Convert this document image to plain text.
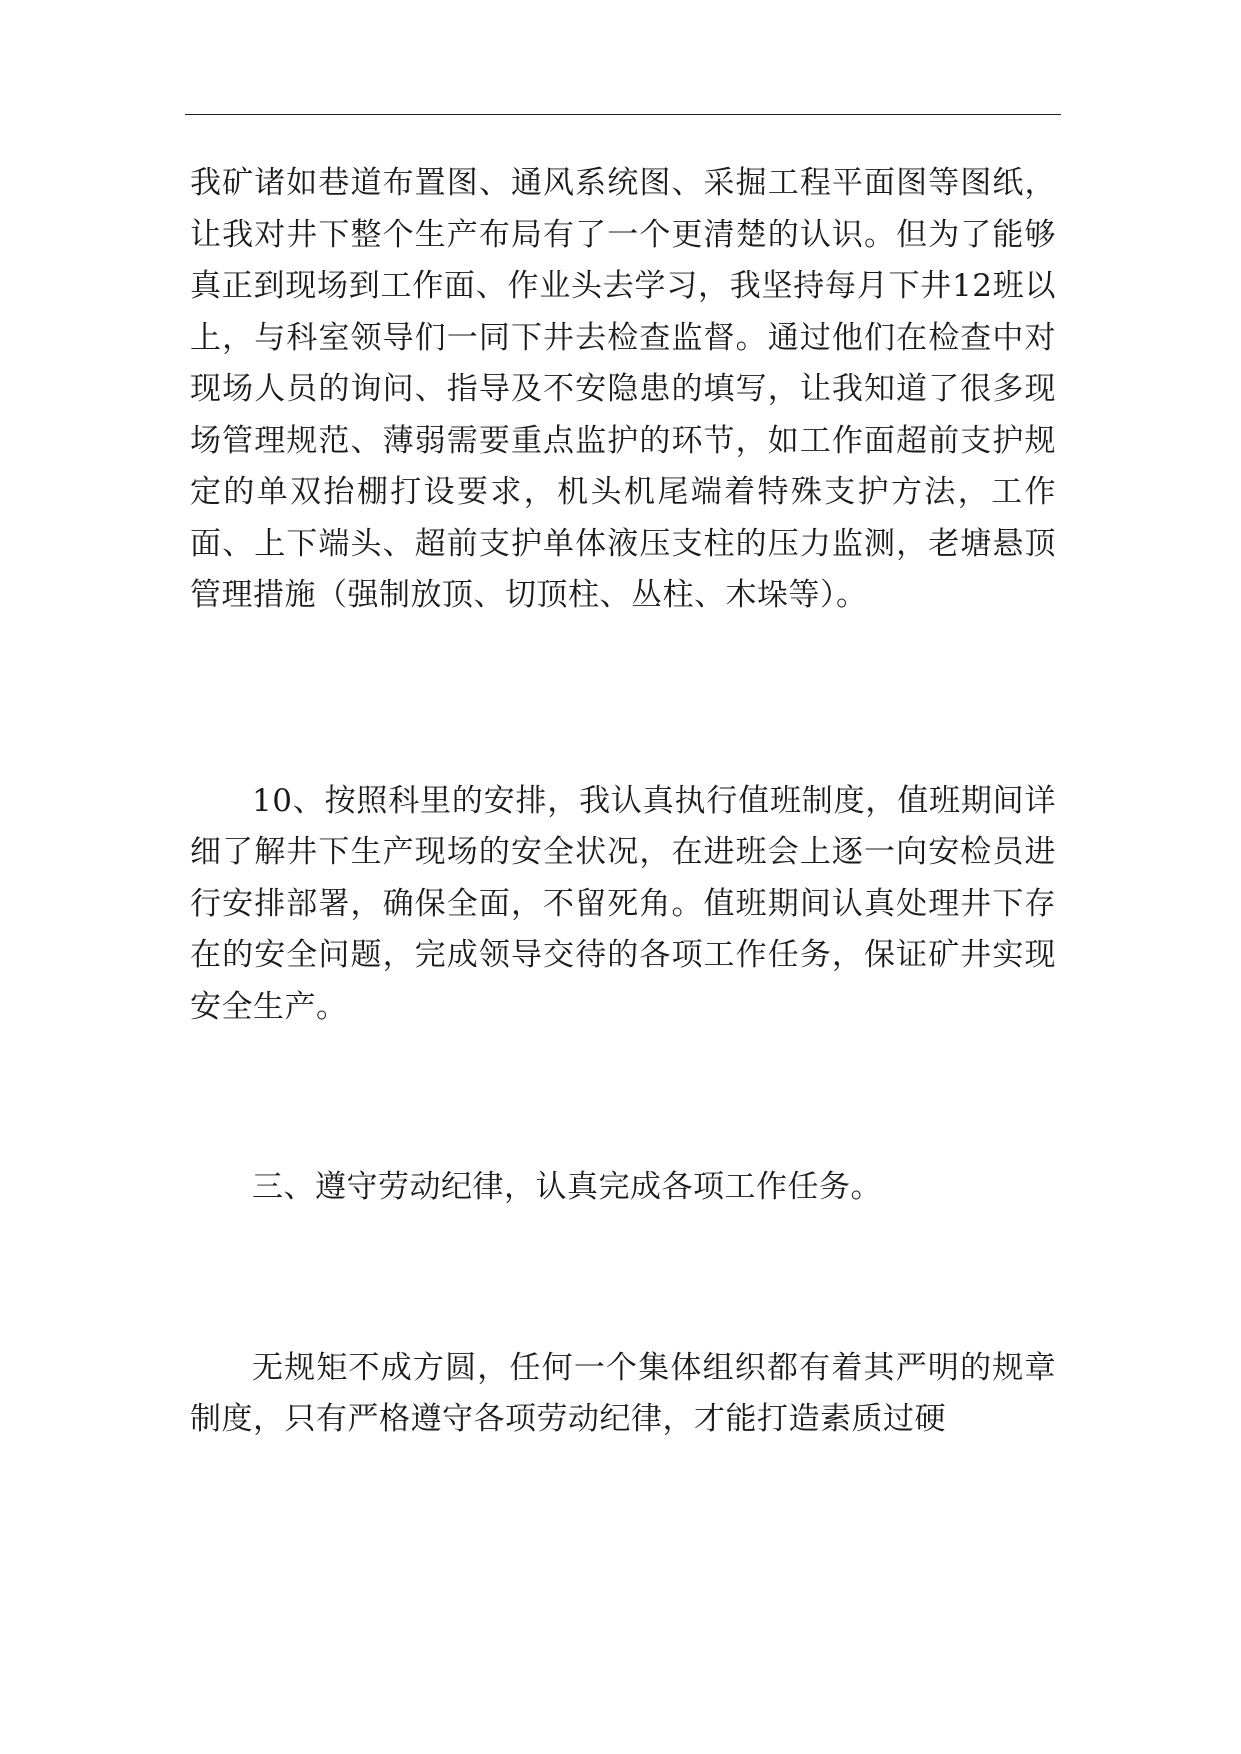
我矿诸如巷道布置图、通风系统图、采掘工程平面图等图纸，让我对井下整个生产布局有了一个更清楚的认识。但为了能够真正到现场到工作面、作业头去学习，我坚持每月下井12班以上，与科室领导们一同下井去检查监督。通过他们在检查中对现场人员的询问、指导及不安隐患的填写，让我知道了很多现场管理规范、薄弱需要重点监护的环节，如工作面超前支护规定的单双抬棚打设要求，机头机尾端着特殊支护方法，工作面、上下端头、超前支护单体液压支柱的压力监测，老塘悬顶管理措施（强制放顶、切顶柱、丛柱、木垛等）。

10、按照科里的安排，我认真执行值班制度，值班期间详细了解井下生产现场的安全状况，在进班会上逐一向安检员进行安排部署，确保全面，不留死角。值班期间认真处理井下存在的安全问题，完成领导交待的各项工作任务，保证矿井实现安全生产。

三、遵守劳动纪律，认真完成各项工作任务。

无规矩不成方圆，任何一个集体组织都有着其严明的规章制度，只有严格遵守各项劳动纪律，才能打造素质过硬
